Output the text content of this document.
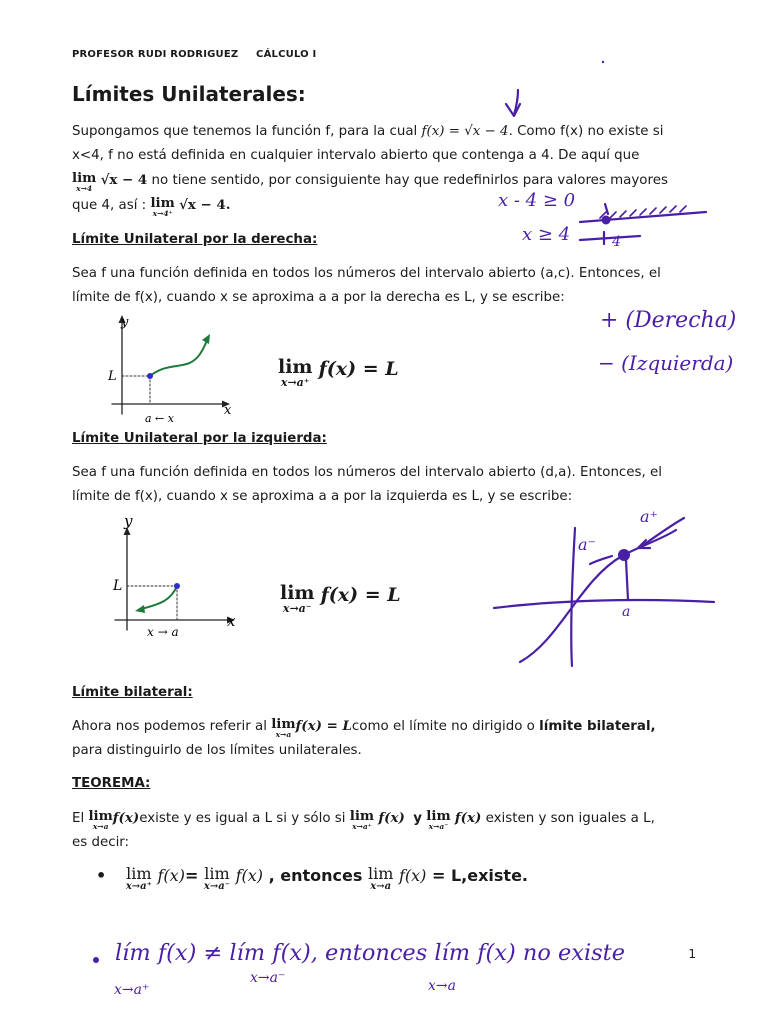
PROFESOR RUDI RODRIGUEZ CÁLCULO I
Límites Unilaterales:
Supongamos que tenemos la función f, para la cual f(x) = √x − 4. Como f(x) no existe si
x<4, f no está definida en cualquier intervalo abierto que contenga a 4. De aquí que
lim
x→4
√x − 4 no tiene sentido, por consiguiente hay que redefinirlos para valores mayores
que 4, así : lim
x→4⁺
√x − 4.
Límite Unilateral por la derecha:
Sea f una función definida en todos los números del intervalo abierto (a,c). Entonces, el
límite de f(x), cuando x se aproxima a a por la derecha es L, y se escribe:
y
x
L
a ← x
lim
x→a⁺
f(x) = L
Límite Unilateral por la izquierda:
Sea f una función definida en todos los números del intervalo abierto (d,a). Entonces, el
límite de f(x), cuando x se aproxima a a por la izquierda es L, y se escribe:
y
x
L
x → a
lim
x→a⁻
f(x) = L
Límite bilateral:
Ahora nos podemos referir al lim
x→a
f(x) = Lcomo el límite no dirigido o límite bilateral,
para distinguirlo de los límites unilaterales.
TEOREMA:
El lim
x→a
f(x)existe y es igual a L si y sólo si lim
x→a⁺
f(x) y lim
x→a⁻
f(x) existen y son iguales a L,
es decir:
• lim
x→a⁺
f(x)= lim
x→a⁻
f(x) , entonces lim
x→a
f(x) = L,existe.
x - 4 ≥ 0
x ≥ 4	4
+ (Derecha)
− (Izquierda)
a⁺
a⁻
a
lím f(x) ≠ lím f(x), entonces lím f(x) no existe
x→a⁺
x→a⁻	x→a
1
